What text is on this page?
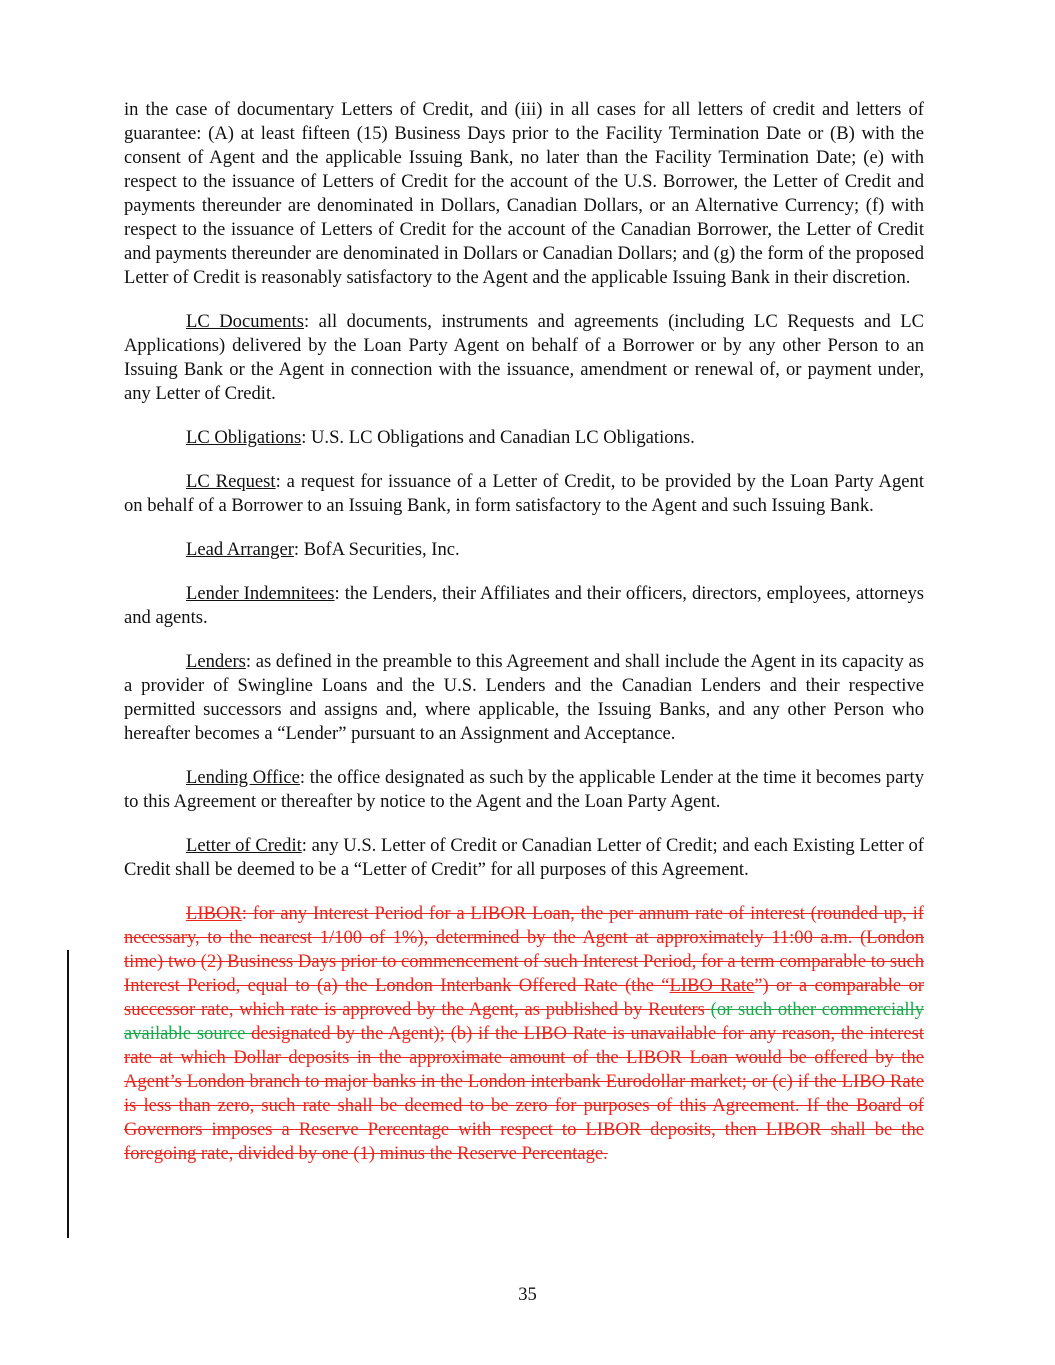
in the case of documentary Letters of Credit, and (iii) in all cases for all letters of credit and letters of guarantee: (A) at least fifteen (15) Business Days prior to the Facility Termination Date or (B) with the consent of Agent and the applicable Issuing Bank, no later than the Facility Termination Date; (e) with respect to the issuance of Letters of Credit for the account of the U.S. Borrower, the Letter of Credit and payments thereunder are denominated in Dollars, Canadian Dollars, or an Alternative Currency; (f) with respect to the issuance of Letters of Credit for the account of the Canadian Borrower, the Letter of Credit and payments thereunder are denominated in Dollars or Canadian Dollars; and (g) the form of the proposed Letter of Credit is reasonably satisfactory to the Agent and the applicable Issuing Bank in their discretion.

LC Documents: all documents, instruments and agreements (including LC Requests and LC Applications) delivered by the Loan Party Agent on behalf of a Borrower or by any other Person to an Issuing Bank or the Agent in connection with the issuance, amendment or renewal of, or payment under, any Letter of Credit.

LC Obligations: U.S. LC Obligations and Canadian LC Obligations.

LC Request: a request for issuance of a Letter of Credit, to be provided by the Loan Party Agent on behalf of a Borrower to an Issuing Bank, in form satisfactory to the Agent and such Issuing Bank.

Lead Arranger: BofA Securities, Inc.

Lender Indemnitees: the Lenders, their Affiliates and their officers, directors, employees, attorneys and agents.

Lenders: as defined in the preamble to this Agreement and shall include the Agent in its capacity as a provider of Swingline Loans and the U.S. Lenders and the Canadian Lenders and their respective permitted successors and assigns and, where applicable, the Issuing Banks, and any other Person who hereafter becomes a “Lender” pursuant to an Assignment and Acceptance.

Lending Office: the office designated as such by the applicable Lender at the time it becomes party to this Agreement or thereafter by notice to the Agent and the Loan Party Agent.

Letter of Credit: any U.S. Letter of Credit or Canadian Letter of Credit; and each Existing Letter of Credit shall be deemed to be a “Letter of Credit” for all purposes of this Agreement.

LIBOR: for any Interest Period for a LIBOR Loan, the per annum rate of interest (rounded up, if necessary, to the nearest 1/100 of 1%), determined by the Agent at approximately 11:00 a.m. (London time) two (2) Business Days prior to commencement of such Interest Period, for a term comparable to such Interest Period, equal to (a) the London Interbank Offered Rate (the “LIBO Rate”) or a comparable or successor rate, which rate is approved by the Agent, as published by Reuters (or such other commercially available source designated by the Agent); (b) if the LIBO Rate is unavailable for any reason, the interest rate at which Dollar deposits in the approximate amount of the LIBOR Loan would be offered by the Agent’s London branch to major banks in the London interbank Eurodollar market; or (c) if the LIBO Rate is less than zero, such rate shall be deemed to be zero for purposes of this Agreement. If the Board of Governors imposes a Reserve Percentage with respect to LIBOR deposits, then LIBOR shall be the foregoing rate, divided by one (1) minus the Reserve Percentage.

35
